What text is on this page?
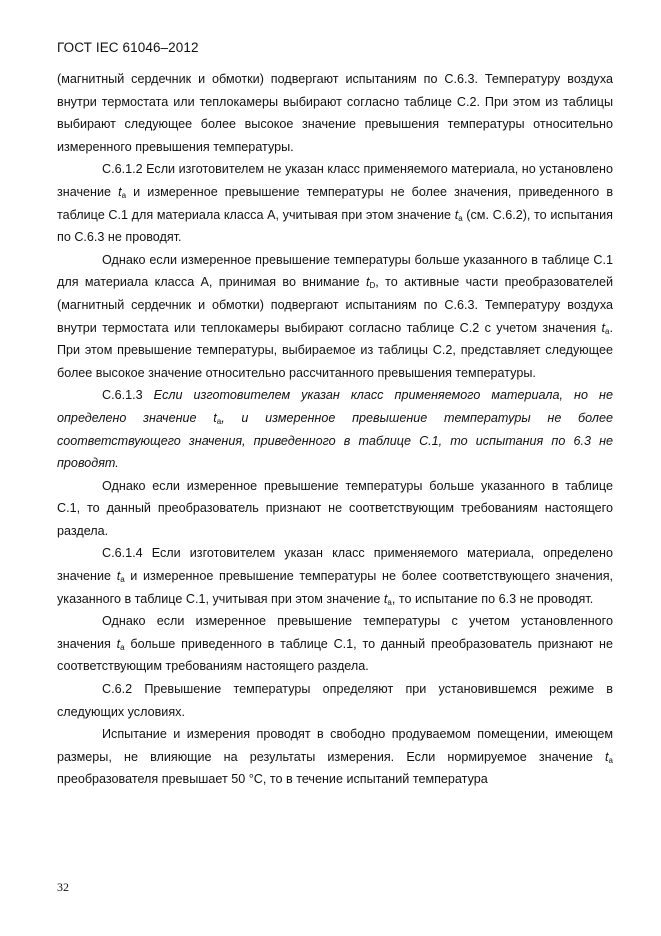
ГОСТ IEC 61046–2012

(магнитный сердечник и обмотки) подвергают испытаниям по С.6.3. Температуру воздуха внутри термостата или теплокамеры выбирают согласно таблице С.2. При этом из таблицы выбирают следующее более высокое значение превышения температуры относительно измеренного превышения температуры.

С.6.1.2 Если изготовителем не указан класс применяемого материала, но установлено значение $t_a$ и измеренное превышение температуры не более значения, приведенного в таблице С.1 для материала класса А, учитывая при этом значение $t_a$ (см. С.6.2), то испытания по С.6.3 не проводят.

Однако если измеренное превышение температуры больше указанного в таблице С.1 для материала класса А, принимая во внимание $t_D$, то активные части преобразователей (магнитный сердечник и обмотки) подвергают испытаниям по С.6.3. Температуру воздуха внутри термостата или теплокамеры выбирают согласно таблице С.2 с учетом значения $t_a$. При этом превышение температуры, выбираемое из таблицы С.2, представляет следующее более высокое значение относительно рассчитанного превышения температуры.

С.6.1.3 Если изготовителем указан класс применяемого материала, но не определено значение $t_a$, и измеренное превышение температуры не более соответствующего значения, приведенного в таблице С.1, то испытания по 6.3 не проводят.

Однако если измеренное превышение температуры больше указанного в таблице С.1, то данный преобразователь признают не соответствующим требованиям настоящего раздела.

С.6.1.4 Если изготовителем указан класс применяемого материала, определено значение $t_a$ и измеренное превышение температуры не более соответствующего значения, указанного в таблице С.1, учитывая при этом значение $t_a$, то испытание по 6.3 не проводят.

Однако если измеренное превышение температуры с учетом установленного значения $t_a$ больше приведенного в таблице С.1, то данный преобразователь признают не соответствующим требованиям настоящего раздела.

С.6.2 Превышение температуры определяют при установившемся режиме в следующих условиях.

Испытание и измерения проводят в свободно продуваемом помещении, имеющем размеры, не влияющие на результаты измерения. Если нормируемое значение $t_a$ преобразователя превышает 50 °С, то в течение испытаний температура

32
